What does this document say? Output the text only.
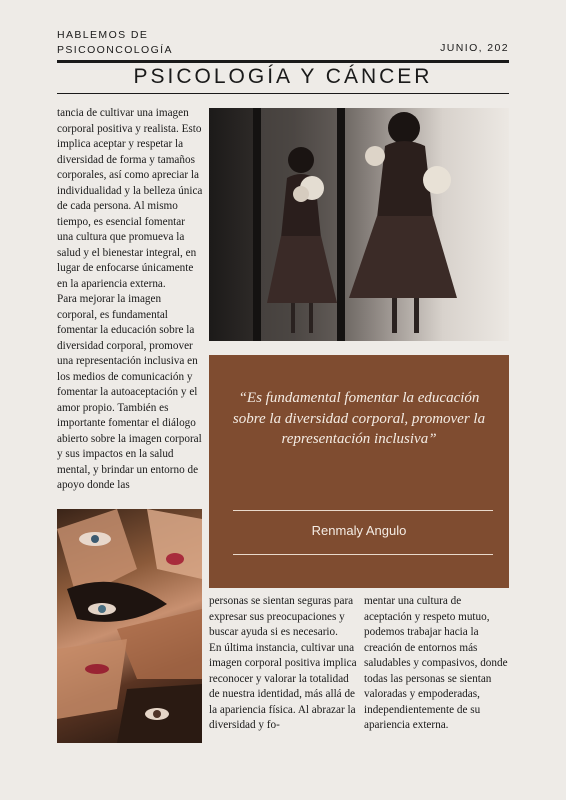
HABLEMOS DE
PSICOONCOLOGÍA	JUNIO, 202
PSICOLOGÍA Y CÁNCER

tancia de cultivar una imagen corporal positiva y realista. Esto implica aceptar y respetar la diversidad de forma y tamaños corporales, así como apreciar la individualidad y la belleza única de cada persona. Al mismo tiempo, es esencial fomentar una cultura que promueva la salud y el bienestar integral, en lugar de enfocarse únicamente en la apariencia externa.

Para mejorar la imagen corporal, es fundamental fomentar la educación sobre la diversidad corporal, promover una representación inclusiva en los medios de comunicación y fomentar la autoaceptación y el amor propio. También es importante fomentar el diálogo abierto sobre la imagen corporal y sus impactos en la salud mental, y brindar un entorno de apoyo donde las

“Es fundamental fomentar la educación sobre la diversidad corporal, promover la representación inclusiva”
Renmaly Angulo

personas se sientan seguras para expresar sus preocupaciones y buscar ayuda si es necesario.

En última instancia, cultivar una imagen corporal positiva implica reconocer y valorar la totalidad de nuestra identidad, más allá de la apariencia física. Al abrazar la diversidad y fo-

mentar una cultura de aceptación y respeto mutuo, podemos trabajar hacia la creación de entornos más saludables y compasivos, donde todas las personas se sientan valoradas y empoderadas, independientemente de su apariencia externa.
